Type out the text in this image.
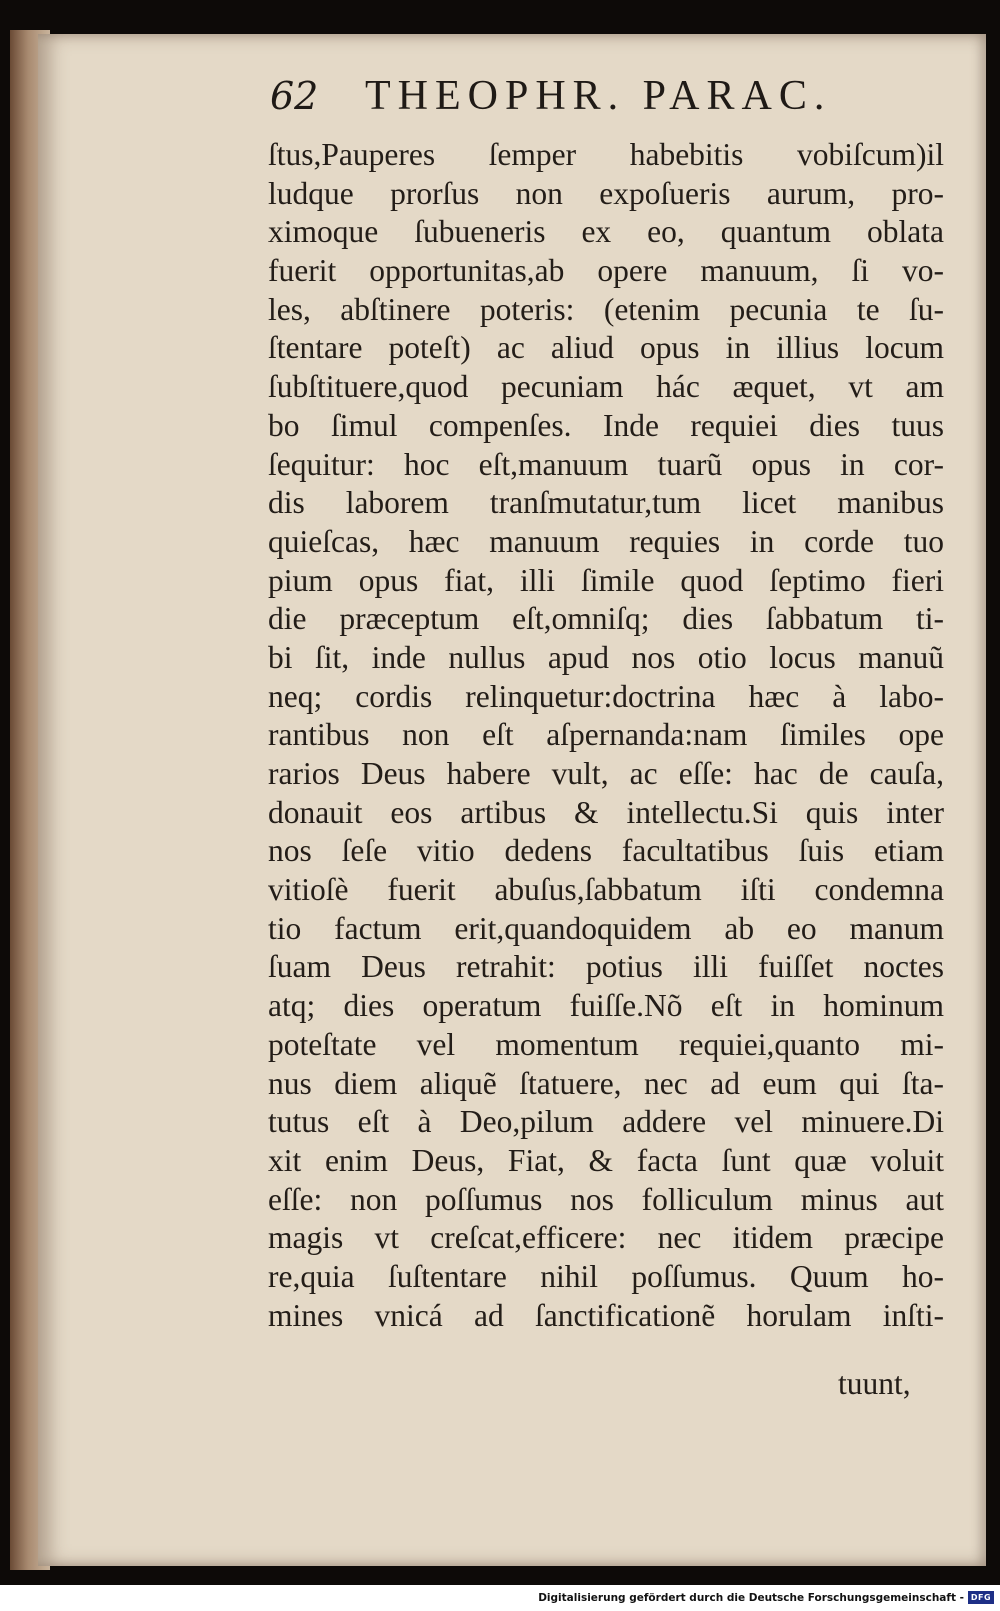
62 THEOPHR. PARAC.
ſtus,Pauperes ſemper habebitis vobiſcum)il
ludque prorſus non expoſueris aurum, pro-
ximoque ſubueneris ex eo, quantum oblata
fuerit opportunitas,ab opere manuum, ſi vo-
les, abſtinere poteris: (etenim pecunia te ſu-
ſtentare poteſt) ac aliud opus in illius locum
ſubſtituere,quod pecuniam hác æquet, vt am
bo ſimul compenſes. Inde requiei dies tuus
ſequitur: hoc eſt,manuum tuarũ opus in cor-
dis laborem tranſmutatur,tum licet manibus
quieſcas, hæc manuum requies in corde tuo
pium opus fiat, illi ſimile quod ſeptimo fieri
die præceptum eſt,omniſq; dies ſabbatum ti-
bi ſit, inde nullus apud nos otio locus manuũ
neq; cordis relinquetur:doctrina hæc à labo-
rantibus non eſt aſpernanda:nam ſimiles ope
rarios Deus habere vult, ac eſſe: hac de cauſa,
donauit eos artibus & intellectu.Si quis inter
nos ſeſe vitio dedens facultatibus ſuis etiam
vitioſè fuerit abuſus,ſabbatum iſti condemna
tio factum erit,quandoquidem ab eo manum
ſuam Deus retrahit: potius illi fuiſſet noctes
atq; dies operatum fuiſſe.Nõ eſt in hominum
poteſtate vel momentum requiei,quanto mi-
nus diem aliquẽ ſtatuere, nec ad eum qui ſta-
tutus eſt à Deo,pilum addere vel minuere.Di
xit enim Deus, Fiat, & facta ſunt quæ voluit
eſſe: non poſſumus nos folliculum minus aut
magis vt creſcat,efficere: nec itidem præcipe
re,quia ſuſtentare nihil poſſumus. Quum ho-
mines vnicá ad ſanctificationẽ horulam inſti-
tuunt,
Digitalisierung gefördert durch die Deutsche Forschungsgemeinschaft - DFG
